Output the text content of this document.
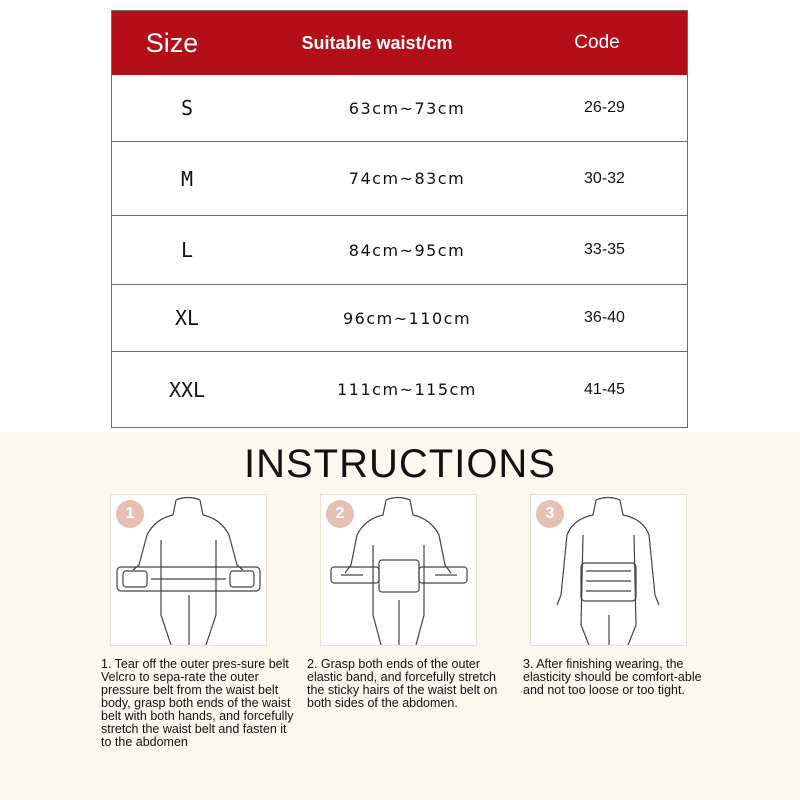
Size	Suitable waist/cm	Code
S	63cm~73cm	26-29
M	74cm~83cm	30-32
L	84cm~95cm	33-35
XL	96cm~110cm	36-40
XXL	111cm~115cm	41-45
INSTRUCTIONS
1	2	3
1. Tear off the outer pres-sure belt Velcro to sepa-rate the outer pressure belt from the waist belt body, grasp both ends of the waist belt with both hands, and forcefully stretch the waist belt and fasten it to the abdomen
2. Grasp both ends of the outer elastic band, and forcefully stretch the sticky hairs of the waist belt on both sides of the abdomen.
3. After finishing wearing, the elasticity should be comfort-able and not too loose or too tight.
